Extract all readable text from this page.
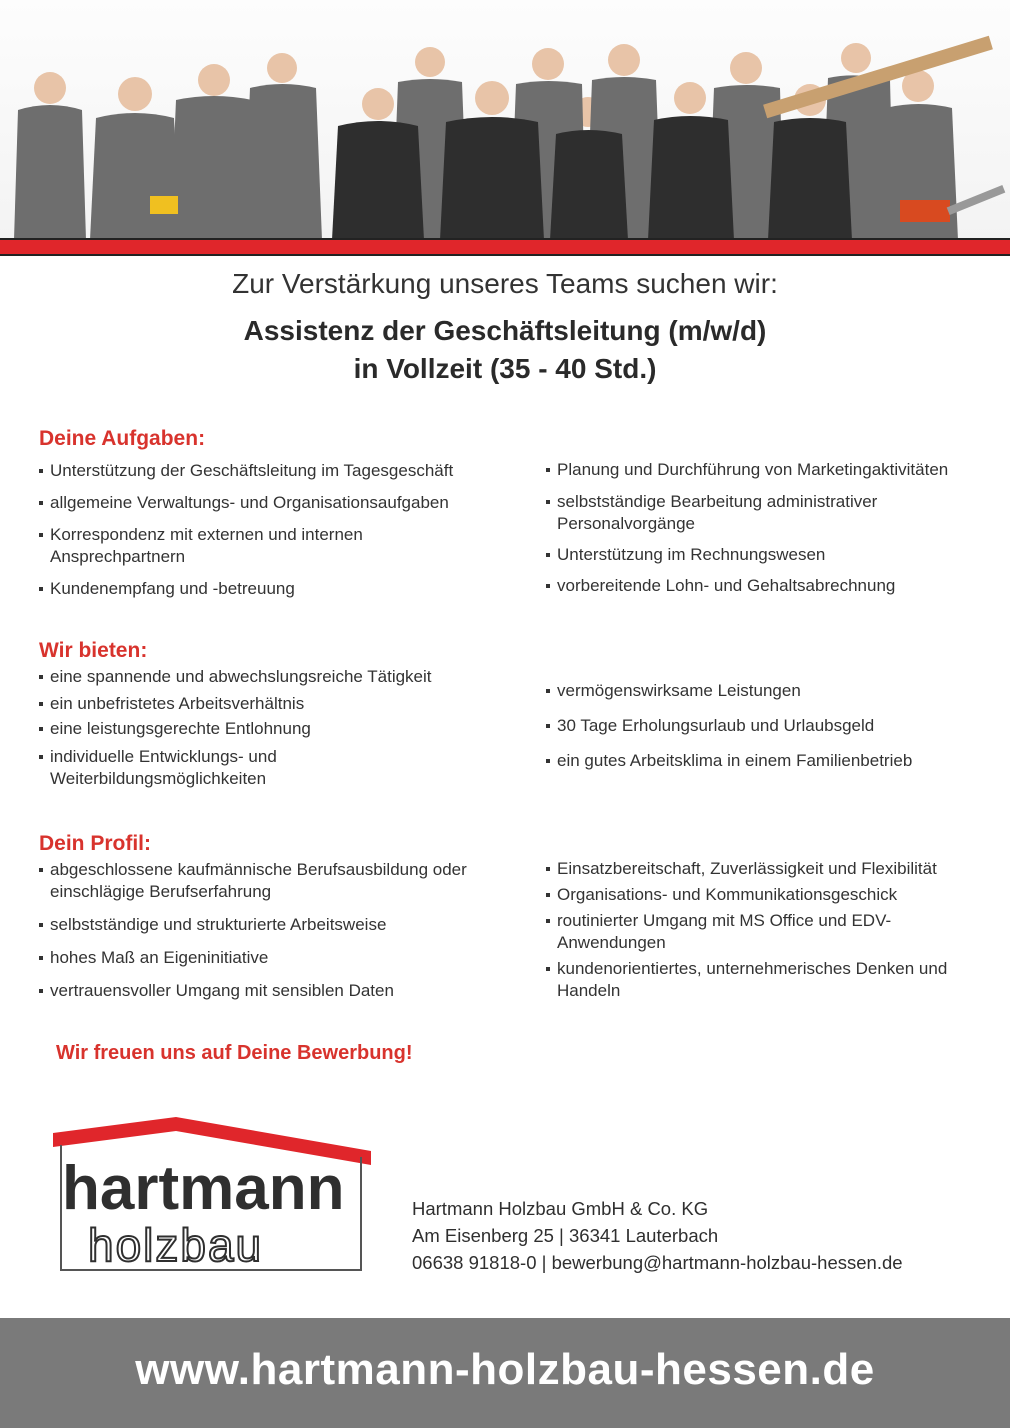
Zur Verstärkung unseres Teams suchen wir:
Assistenz der Geschäftsleitung (m/w/d)
in Vollzeit (35 - 40 Std.)
Deine Aufgaben:
Unterstützung der Geschäftsleitung im Tagesgeschäft
allgemeine Verwaltungs- und Organisationsaufgaben
Korrespondenz mit externen und internen Ansprechpartnern
Kundenempfang und -betreuung
Planung und Durchführung von Marketingaktivitäten
selbstständige Bearbeitung administrativer Personalvorgänge
Unterstützung im Rechnungswesen
vorbereitende Lohn- und Gehaltsabrechnung
Wir bieten:
eine spannende und abwechslungsreiche Tätigkeit
ein unbefristetes Arbeitsverhältnis
eine leistungsgerechte Entlohnung
individuelle Entwicklungs- und Weiterbildungsmöglichkeiten
vermögenswirksame Leistungen
30 Tage Erholungsurlaub und Urlaubsgeld
ein gutes Arbeitsklima in einem Familienbetrieb
Dein Profil:
abgeschlossene kaufmännische Berufsausbildung oder einschlägige Berufserfahrung
selbstständige und strukturierte Arbeitsweise
hohes Maß an Eigeninitiative
vertrauensvoller Umgang mit sensiblen Daten
Einsatzbereitschaft, Zuverlässigkeit und Flexibilität
Organisations- und Kommunikationsgeschick
routinierter Umgang mit MS Office und EDV-Anwendungen
kundenorientiertes, unternehmerisches Denken und Handeln
Wir freuen uns auf Deine Bewerbung!
hartmann
holzbau
Hartmann Holzbau GmbH & Co. KG
Am Eisenberg 25 | 36341 Lauterbach
06638 91818-0 | bewerbung@hartmann-holzbau-hessen.de
www.hartmann-holzbau-hessen.de
